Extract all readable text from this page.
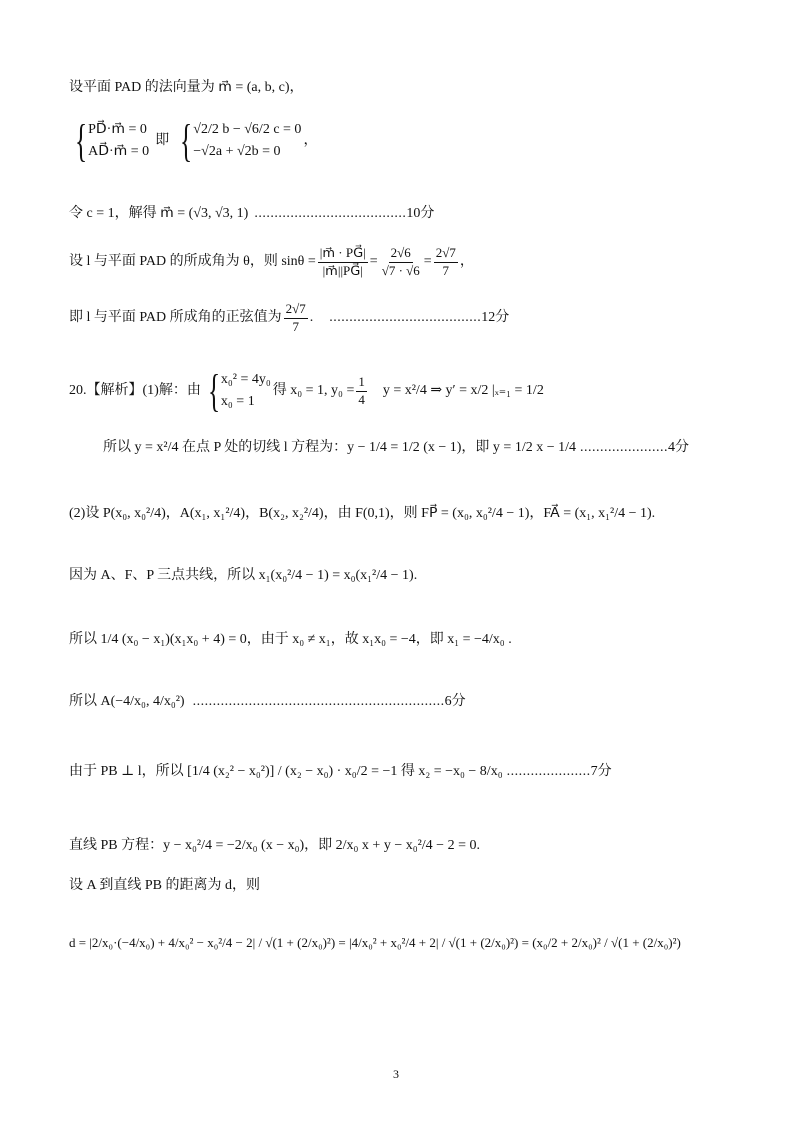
设平面 PAD 的法向量为 m⃗ = (a, b, c)，
{ PD⃗·m⃗ = 0
AD⃗·m⃗ = 0
即 { √2/2 b − √6/2 c = 0
−√2a + √2b = 0
，
令 c = 1，解得 m⃗ = (√3, √3, 1) ...................................... 10分
设 l 与平面 PAD 的所成角为 θ，则 $\sin\theta = \frac{|m⃗ \cdot PG⃗|}{|m⃗||PG⃗|} = \frac{2√6}{√7 \cdot √6} = \frac{2√7}{7}$ ，
即 l 与平面 PAD 所成角的正弦值为 $\frac{2√7}{7}$ . ...................................... 12分
20.【解析】(1)解：由 { x₀² = 4y₀
x₀ = 1
得 x₀ = 1, $y_0 = \frac{1}{4}$ y = x²/4 ⇒ y′ = x/2 |ₓ₌₁ = 1/2
所以 y = x²/4 在点 P 处的切线 l 方程为：y − 1/4 = 1/2 (x − 1)，即 y = 1/2 x − 1/4 ...................... 4分
(2)设 P(x₀, x₀²/4)，A(x₁, x₁²/4)，B(x₂, x₂²/4)，由 F(0,1)，则 FP⃗ = (x₀, x₀²/4 − 1)，FA⃗ = (x₁, x₁²/4 − 1).
因为 A、F、P 三点共线，所以 x₁(x₀²/4 − 1) = x₀(x₁²/4 − 1).
所以 1/4 (x₀ − x₁)(x₁x₀ + 4) = 0，由于 x₀ ≠ x₁，故 x₁x₀ = −4，即 x₁ = −4/x₀ .
所以 A(−4/x₀, 4/x₀²) ............................................................... 6分
由于 PB ⊥ l，所以 [1/4 (x₂² − x₀²)] / (x₂ − x₀) · x₀/2 = −1 得 x₂ = −x₀ − 8/x₀ ..................... 7分
直线 PB 方程：y − x₀²/4 = −2/x₀ (x − x₀)，即 2/x₀ x + y − x₀²/4 − 2 = 0.
设 A 到直线 PB 的距离为 d，则
d = |2/x₀·(−4/x₀) + 4/x₀² − x₀²/4 − 2| / √(1 + (2/x₀)²) = |4/x₀² + x₀²/4 + 2| / √(1 + (2/x₀)²) = (x₀/2 + 2/x₀)² / √(1 + (2/x₀)²)
3
